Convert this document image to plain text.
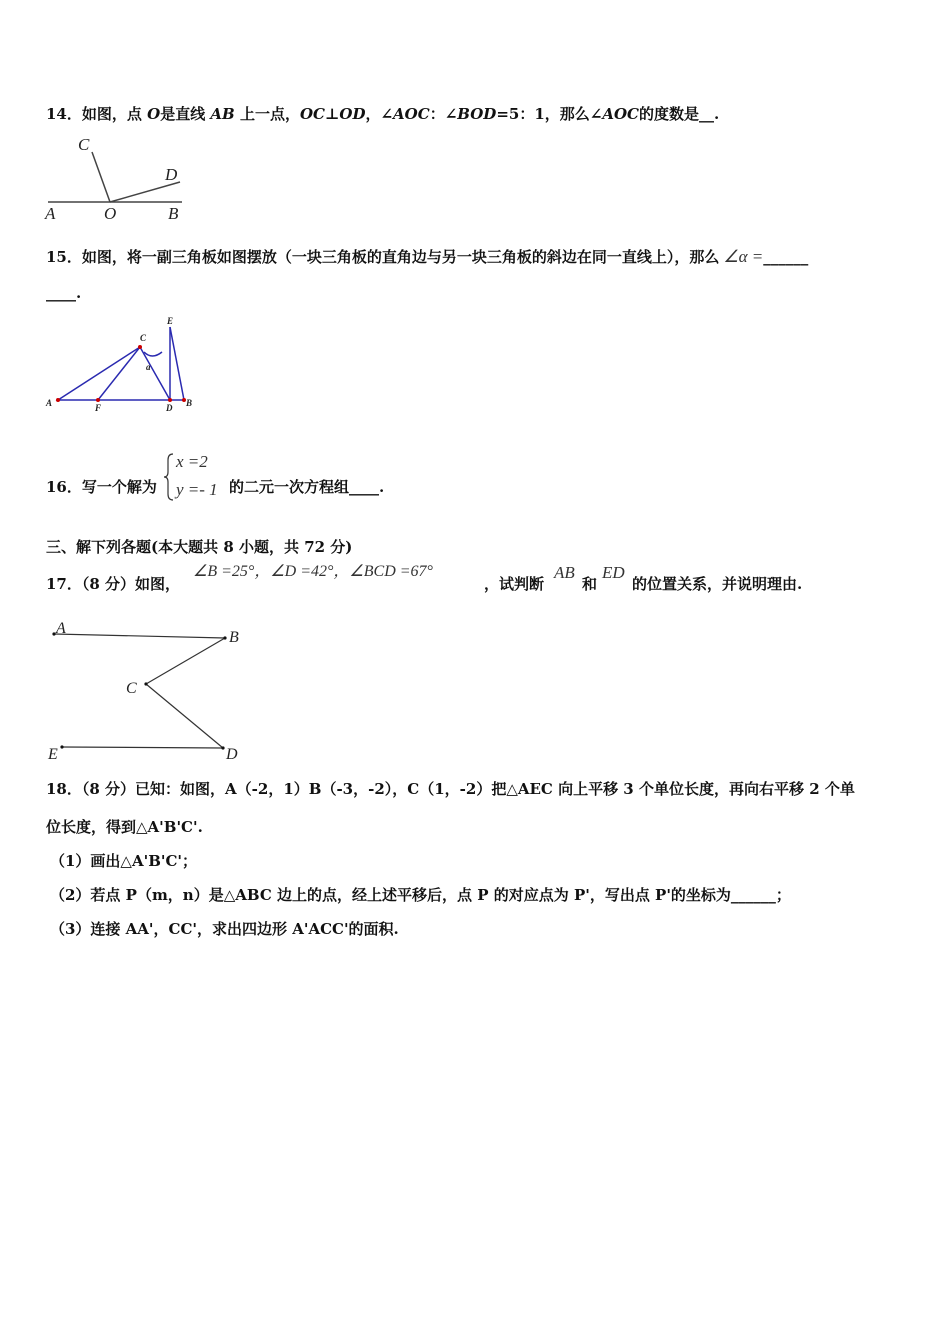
14．如图，点 O是直线 AB 上一点，OC⊥OD，∠AOC：∠BOD=5：1，那么∠AOC的度数是__.
C
D
A	O	B
15．如图，将一副三角板如图摆放（一块三角板的直角边与另一块三角板的斜边在同一直线上），那么 ∠α =______
____.
E
C
a
A	F	D B
16．写一个解为
x =2
y =- 1 的二元一次方程组____.
三、解下列各题(本大题共 8 小题，共 72 分)
17．（8 分）如图，
∠B =25°，∠D =42°，∠BCD =67°
，试判断
AB
和
ED
的位置关系，并说明理由.
A
B
C
E	D
18．（8 分）已知：如图，A（-2，1）B（-3，-2），C（1，-2）把△AEC 向上平移 3 个单位长度，再向右平移 2 个单
位长度，得到△A'B'C'.
（1）画出△A'B'C'；
（2）若点 P（m，n）是△ABC 边上的点，经上述平移后，点 P 的对应点为 P'，写出点 P'的坐标为______；
（3）连接 AA'，CC'，求出四边形 A'ACC'的面积.
